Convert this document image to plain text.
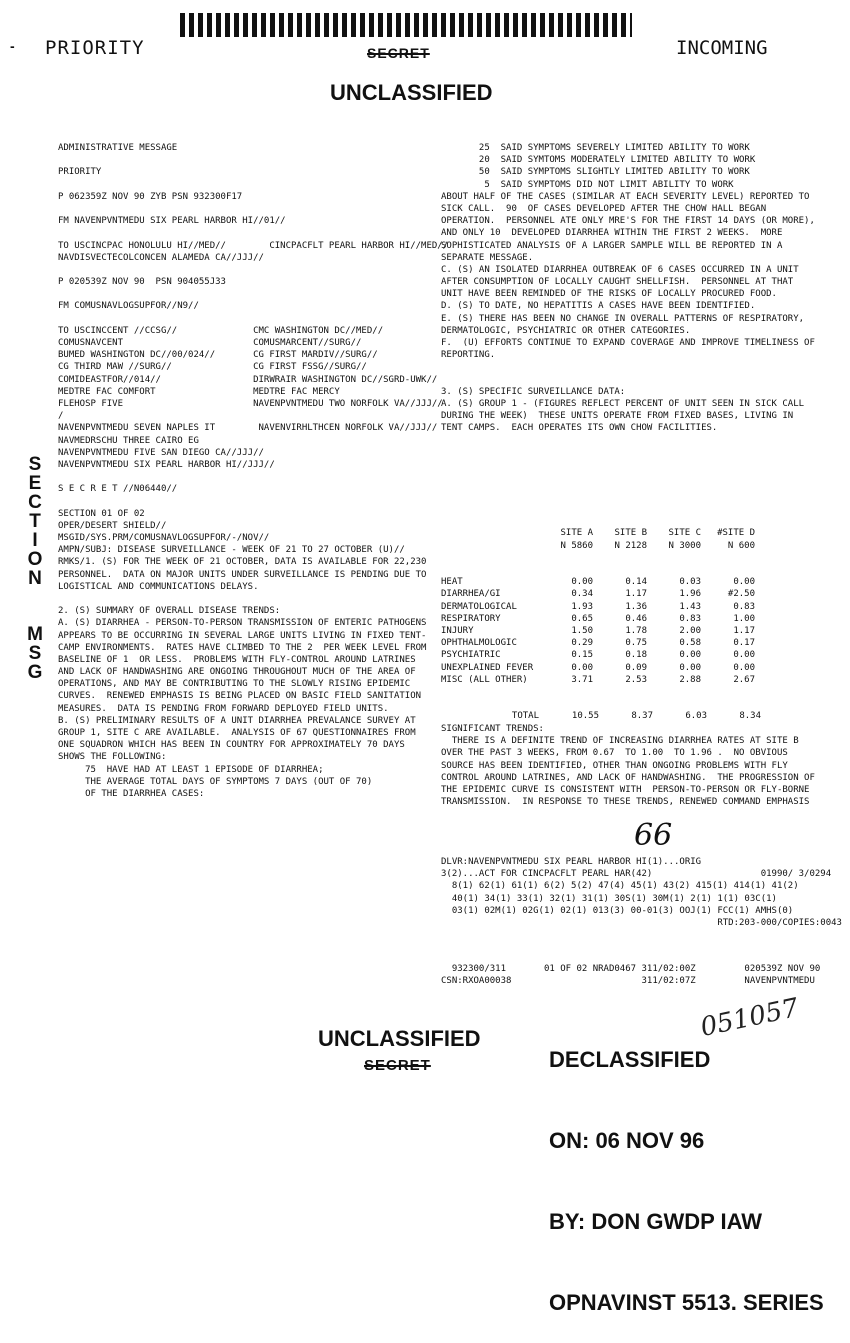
- PRIORITY	INCOMING
SECRET
UNCLASSIFIED
S
E
C
T
I
O
N
M
S
G
ADMINISTRATIVE MESSAGE
PRIORITY
P 062359Z NOV 90 ZYB PSN 932300F17
FM NAVENPVNTMEDU SIX PEARL HARBOR HI//01//
TO USCINCPAC HONOLULU HI//MED//        CINCPACFLT PEARL HARBOR HI//MED//
NAVDISVECTECOLCONCEN ALAMEDA CA//JJJ//
P 020539Z NOV 90  PSN 904055J33
FM COMUSNAVLOGSUPFOR//N9//
TO USCINCCENT //CCSG//              CMC WASHINGTON DC//MED//
COMUSNAVCENT                        COMUSMARCENT//SURG//
BUMED WASHINGTON DC//00/024//       CG FIRST MARDIV//SURG//
CG THIRD MAW //SURG//               CG FIRST FSSG//SURG//
COMIDEASTFOR//014//                 DIRWRAIR WASHINGTON DC//SGRD-UWK//
MEDTRE FAC COMFORT                  MEDTRE FAC MERCY
FLEHOSP FIVE                        NAVENPVNTMEDU TWO NORFOLK VA//JJJ//
/
NAVENPVNTMEDU SEVEN NAPLES IT        NAVENVIRHLTHCEN NORFOLK VA//JJJ//
NAVMEDRSCHU THREE CAIRO EG
NAVENPVNTMEDU FIVE SAN DIEGO CA//JJJ//
NAVENPVNTMEDU SIX PEARL HARBOR HI//JJJ//
S E C R E T //N06440//
SECTION 01 OF 02
OPER/DESERT SHIELD//
MSGID/SYS.PRM/COMUSNAVLOGSUPFOR/-/NOV//
AMPN/SUBJ: DISEASE SURVEILLANCE - WEEK OF 21 TO 27 OCTOBER (U)//
RMKS/1. (S) FOR THE WEEK OF 21 OCTOBER, DATA IS AVAILABLE FOR 22,230
PERSONNEL.  DATA ON MAJOR UNITS UNDER SURVEILLANCE IS PENDING DUE TO
LOGISTICAL AND COMMUNICATIONS DELAYS.
2. (S) SUMMARY OF OVERALL DISEASE TRENDS:
A. (S) DIARRHEA - PERSON-TO-PERSON TRANSMISSION OF ENTERIC PATHOGENS
APPEARS TO BE OCCURRING IN SEVERAL LARGE UNITS LIVING IN FIXED TENT-
CAMP ENVIRONMENTS.  RATES HAVE CLIMBED TO THE 2  PER WEEK LEVEL FROM
BASELINE OF 1  OR LESS.  PROBLEMS WITH FLY-CONTROL AROUND LATRINES
AND LACK OF HANDWASHING ARE ONGOING THROUGHOUT MUCH OF THE AREA OF
OPERATIONS, AND MAY BE CONTRIBUTING TO THE SLOWLY RISING EPIDEMIC
CURVES.  RENEWED EMPHASIS IS BEING PLACED ON BASIC FIELD SANITATION
MEASURES.  DATA IS PENDING FROM FORWARD DEPLOYED FIELD UNITS.
B. (S) PRELIMINARY RESULTS OF A UNIT DIARRHEA PREVALANCE SURVEY AT
GROUP 1, SITE C ARE AVAILABLE.  ANALYSIS OF 67 QUESTIONNAIRES FROM
ONE SQUADRON WHICH HAS BEEN IN COUNTRY FOR APPROXIMATELY 70 DAYS
SHOWS THE FOLLOWING:
75  HAVE HAD AT LEAST 1 EPISODE OF DIARRHEA;
THE AVERAGE TOTAL DAYS OF SYMPTOMS 7 DAYS (OUT OF 70)
OF THE DIARRHEA CASES:
25  SAID SYMPTOMS SEVERELY LIMITED ABILITY TO WORK
20  SAID SYMTOMS MODERATELY LIMITED ABILITY TO WORK
50  SAID SYMPTOMS SLIGHTLY LIMITED ABILITY TO WORK
5  SAID SYMPTOMS DID NOT LIMIT ABILITY TO WORK
ABOUT HALF OF THE CASES (SIMILAR AT EACH SEVERITY LEVEL) REPORTED TO
SICK CALL.  90  OF CASES DEVELOPED AFTER THE CHOW HALL BEGAN
OPERATION.  PERSONNEL ATE ONLY MRE'S FOR THE FIRST 14 DAYS (OR MORE),
AND ONLY 10  DEVELOPED DIARRHEA WITHIN THE FIRST 2 WEEKS.  MORE
SOPHISTICATED ANALYSIS OF A LARGER SAMPLE WILL BE REPORTED IN A
SEPARATE MESSAGE.
C. (S) AN ISOLATED DIARRHEA OUTBREAK OF 6 CASES OCCURRED IN A UNIT
AFTER CONSUMPTION OF LOCALLY CAUGHT SHELLFISH.  PERSONNEL AT THAT
UNIT HAVE BEEN REMINDED OF THE RISKS OF LOCALLY PROCURED FOOD.
D. (S) TO DATE, NO HEPATITIS A CASES HAVE BEEN IDENTIFIED.
E. (S) THERE HAS BEEN NO CHANGE IN OVERALL PATTERNS OF RESPIRATORY,
DERMATOLOGIC, PSYCHIATRIC OR OTHER CATEGORIES.
F.  (U) EFFORTS CONTINUE TO EXPAND COVERAGE AND IMPROVE TIMELINESS OF
REPORTING.
3. (S) SPECIFIC SURVEILLANCE DATA:
A. (S) GROUP 1 - (FIGURES REFLECT PERCENT OF UNIT SEEN IN SICK CALL
DURING THE WEEK)  THESE UNITS OPERATE FROM FIXED BASES, LIVING IN
TENT CAMPS.  EACH OPERATES ITS OWN CHOW FACILITIES.

	SITE A	SITE B	SITE C	#SITE D
	N 5860	N 2128	N 3000	N 600

HEAT	0.00	0.14	0.03	0.00
DIARRHEA/GI	0.34	1.17	1.96	#2.50
DERMATOLOGICAL	1.93	1.36	1.43	0.83
RESPIRATORY	0.65	0.46	0.83	1.00
INJURY	1.50	1.78	2.00	1.17
OPHTHALMOLOGIC	0.29	0.75	0.58	0.17
PSYCHIATRIC	0.15	0.18	0.00	0.00
UNEXPLAINED FEVER	0.00	0.09	0.00	0.00
MISC (ALL OTHER)	3.71	2.53	2.88	2.67

TOTAL	10.55	8.37	6.03	8.34

SIGNIFICANT TRENDS:
THERE IS A DEFINITE TREND OF INCREASING DIARRHEA RATES AT SITE B
OVER THE PAST 3 WEEKS, FROM 0.67  TO 1.00  TO 1.96 .  NO OBVIOUS
SOURCE HAS BEEN IDENTIFIED, OTHER THAN ONGOING PROBLEMS WITH FLY
CONTROL AROUND LATRINES, AND LACK OF HANDWASHING.  THE PROGRESSION OF
THE EPIDEMIC CURVE IS CONSISTENT WITH  PERSON-TO-PERSON OR FLY-BORNE
TRANSMISSION.  IN RESPONSE TO THESE TRENDS, RENEWED COMMAND EMPHASIS
66
DLVR:NAVENPVNTMEDU SIX PEARL HARBOR HI(1)...ORIG
3(2)...ACT FOR CINCPACFLT PEARL HAR(42)                    01990/ 3/0294
8(1) 62(1) 61(1) 6(2) 5(2) 47(4) 45(1) 43(2) 415(1) 414(1) 41(2)
40(1) 34(1) 33(1) 32(1) 31(1) 30S(1) 30M(1) 2(1) 1(1) 03C(1)
03(1) 02M(1) 02G(1) 02(1) 013(3) 00-01(3) OOJ(1) FCC(1) AMHS(0)
RTD:203-000/COPIES:0043
932300/311       01 OF 02 NRAD0467 311/02:00Z         020539Z NOV 90
CSN:RXOA00038                        311/02:07Z         NAVENPVNTMEDU

DECLASSIFIED

ON: 06 NOV 96

BY: DON GWDP IAW

OPNAVINST 5513. SERIES

051057
UNCLASSIFIED
SECRET
